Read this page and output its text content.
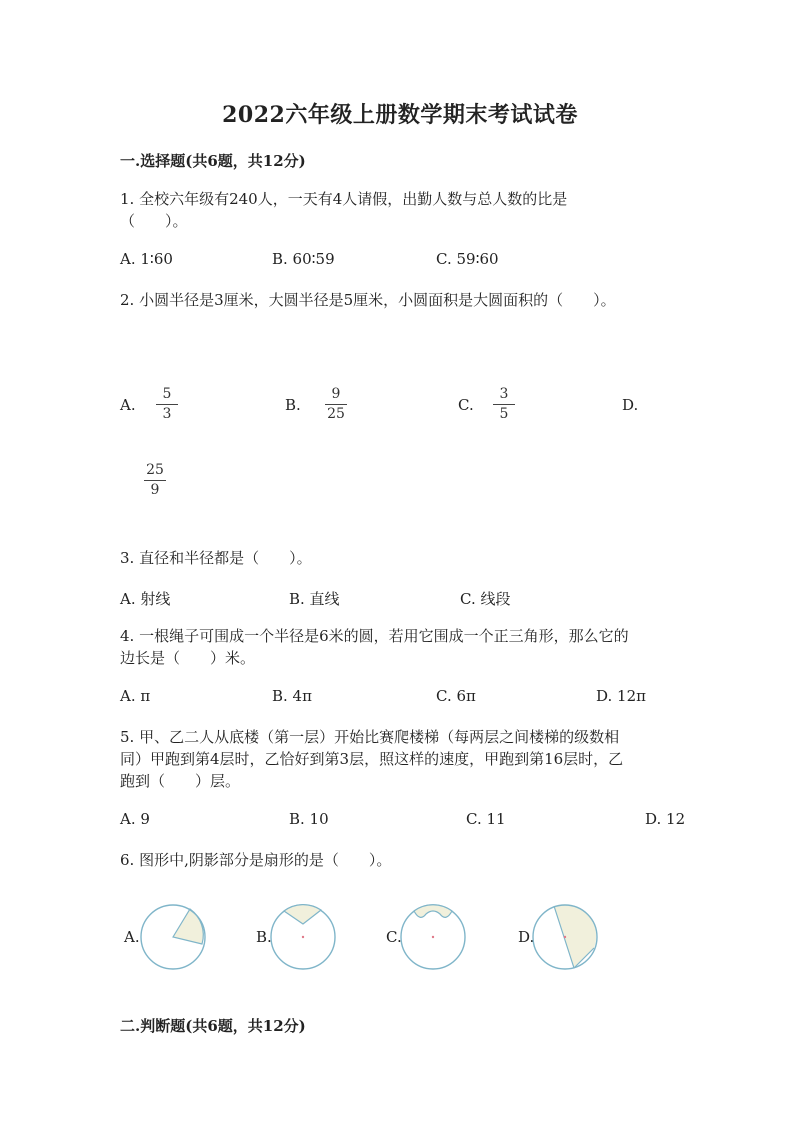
2022六年级上册数学期末考试试卷
一.选择题(共6题，共12分)
1. 全校六年级有240人，一天有4人请假，出勤人数与总人数的比是
（　　）。
A. 1∶60	B. 60∶59	C. 59∶60
2. 小圆半径是3厘米，大圆半径是5厘米，小圆面积是大圆面积的（　　）。
A.
5
3	B.
9
25	C.
3
5	D.
25
9
3. 直径和半径都是（　　）。
A. 射线	B. 直线	C. 线段
4. 一根绳子可围成一个半径是6米的圆，若用它围成一个正三角形，那么它的
边长是（　　）米。
A. π	B. 4π	C. 6π	D. 12π
5. 甲、乙二人从底楼（第一层）开始比赛爬楼梯（每两层之间楼梯的级数相
同）甲跑到第4层时，乙恰好到第3层，照这样的速度，甲跑到第16层时，乙
跑到（　　）层。
A. 9	B. 10	C. 11	D. 12
6. 图形中,阴影部分是扇形的是（　　）。
A.	B.	C.	D.
二.判断题(共6题，共12分)
